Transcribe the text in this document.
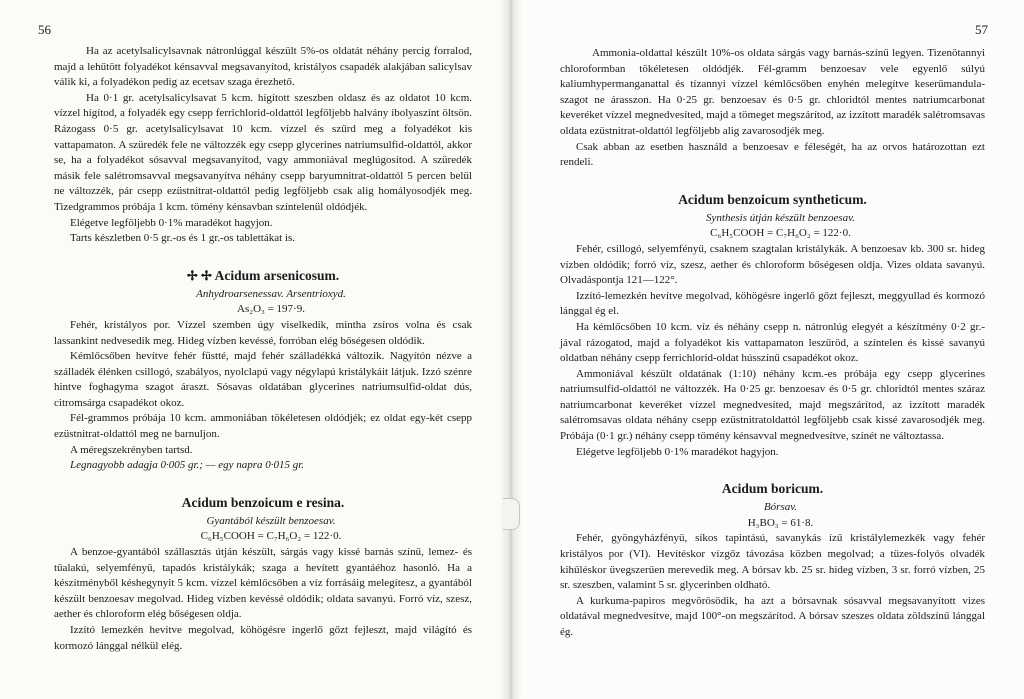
56

Ha az acetylsalicylsavnak nátronlúggal készült 5%-os oldatát néhány percig forralod, majd a lehűtött folyadékot kénsavval megsavanyítod, kristályos csapadék alakjában salicylsav válik ki, a folyadékon pedig az ecetsav szaga érezhető.

Ha 0·1 gr. acetylsalicylsavat 5 kcm. hígított szeszben oldasz és az oldatot 10 kcm. vízzel hígítod, a folyadék egy csepp ferrichlorid-oldattól legföljebb halvány ibolyaszínt öltsön. Rázogass 0·5 gr. acetylsalicylsavat 10 kcm. vízzel és szűrd meg a folyadékot kis vattapamaton. A szüredék fele ne változzék egy csepp glycerines natriumsulfid-oldattól, akkor se, ha a folyadékot sósavval megsavanyítod, vagy ammoniával meglúgosítod. A szüredék másik fele salétromsavval megsavanyítva néhány csepp baryumnitrat-oldattól 5 percen belül ne változzék, pár csepp ezüstnitrat-oldattól pedig legföljebb csak alig homályosodjék meg. Tizedgrammos próbája 1 kcm. tömény kénsavban színtelenül oldódjék.

Elégetve legföljebb 0·1% maradékot hagyjon.

Tarts készletben 0·5 gr.-os és 1 gr.-os tablettákat is.

✢ ✢ Acidum arsenicosum.

Anhydroarsenessav. Arsentrioxyd.

As₂O₃ = 197·9.

Fehér, kristályos por. Vízzel szemben úgy viselkedik, mintha zsíros volna és csak lassankint nedvesedik meg. Hideg vízben kevéssé, forróban elég bőségesen oldódik.

Kémlőcsőben hevítve fehér füstté, majd fehér szálladékká változik. Nagyítón nézve a szálladék élénken csillogó, szabályos, nyolclapú vagy négylapú kristálykáit látjuk. Izzó szénre hintve foghagyma szagot áraszt. Sósavas oldatában glycerines natriumsulfid-oldat dús, citromsárga csapadékot okoz.

Fél-grammos próbája 10 kcm. ammoniában tökéletesen oldódjék; ez oldat egy-két csepp ezüstnitrat-oldattól meg ne barnuljon.

A méregszekrényben tartsd.

Legnagyobb adagja 0·005 gr.; — egy napra 0·015 gr.

Acidum benzoicum e resina.

Gyantából készült benzoesav.

C₆H₅COOH = C₇H₆O₂ = 122·0.

A benzoe-gyantából szállasztás útján készült, sárgás vagy kissé barnás színű, lemez- és tűalakú, selyemfényű, tapadós kristálykák; szaga a hevített gyantáéhoz hasonló. Ha a készítményből késhegynyit 5 kcm. vízzel kémlőcsőben a víz forrásáig melegítesz, a gyantából készült benzoesav megolvad. Hideg vízben kevéssé oldódik; oldata savanyú. Forró víz, szesz, aether és chloroform elég bőségesen oldja.

Izzító lemezkén hevítve megolvad, köhögésre ingerlő gőzt fejleszt, majd világító és kormozó lánggal nélkül elég.

57

Ammonia-oldattal készült 10%-os oldata sárgás vagy barnás-színű legyen. Tizenötannyi chloroformban tökéletesen oldódjék. Fél-gramm benzoesav vele egyenlő súlyú kaliumhypermanganattal és tízannyi vízzel kémlőcsőben enyhén melegítve keserűmandula-szagot ne árasszon. Ha 0·25 gr. benzoesav és 0·5 gr. chloridtól mentes natriumcarbonat keveréket vízzel megnedvesíted, majd a tömeget megszárítod, az izzított maradék salétromsavas oldata ezüstnitrat-oldattól legföljebb alig zavarosodjék meg.

Csak abban az esetben használd a benzoesav e féleségét, ha az orvos határozottan ezt rendeli.

Acidum benzoicum syntheticum.

Synthesis útján készült benzoesav.

C₆H₅COOH = C₇H₆O₂ = 122·0.

Fehér, csillogó, selyemfényű, csaknem szagtalan kristálykák. A benzoesav kb. 300 sr. hideg vízben oldódik; forró víz, szesz, aether és chloroform bőségesen oldja. Vizes oldata savanyú. Olvadáspontja 121—122°.

Izzító-lemezkén hevítve megolvad, köhögésre ingerlő gőzt fejleszt, meggyullad és kormozó lánggal ég el.

Ha kémlőcsőben 10 kcm. víz és néhány csepp n. nátronlúg elegyét a készítmény 0·2 gr.-jával rázogatod, majd a folyadékot kis vattapamaton leszűröd, a színtelen és kissé savanyú oldatban néhány csepp ferrichlorid-oldat hússzínű csapadékot okoz.

Ammoniával készült oldatának (1:10) néhány kcm.-es próbája egy csepp glycerines natriumsulfid-oldattól ne változzék. Ha 0·25 gr. benzoesav és 0·5 gr. chloridtól mentes száraz natriumcarbonat keveréket vízzel megnedvesíted, majd megszárítod, az izzított maradék salétromsavas oldata néhány csepp ezüstnitratoldattól legföljebb csak kissé zavarosodjék meg. Próbája (0·1 gr.) néhány csepp tömény kénsavval megnedvesítve, színét ne változtassa.

Elégetve legföljebb 0·1% maradékot hagyjon.

Acidum boricum.

Bórsav.

H₃BO₃ = 61·8.

Fehér, gyöngyházfényű, síkos tapintású, savanykás ízű kristálylemezkék vagy fehér kristályos por (VI). Hevítéskor vízgőz távozása közben megolvad; a tüzes-folyós olvadék kihűléskor üvegszerűen merevedik meg. A bórsav kb. 25 sr. hideg vízben, 3 sr. forró vízben, 25 sr. szeszben, valamint 5 sr. glycerinben oldható.

A kurkuma-papiros megvörösödik, ha azt a bórsavnak sósavval megsavanyított vizes oldatával megnedvesítve, majd 100°-on megszárítod. A bórsav szeszes oldata zöldszínű lánggal ég.
